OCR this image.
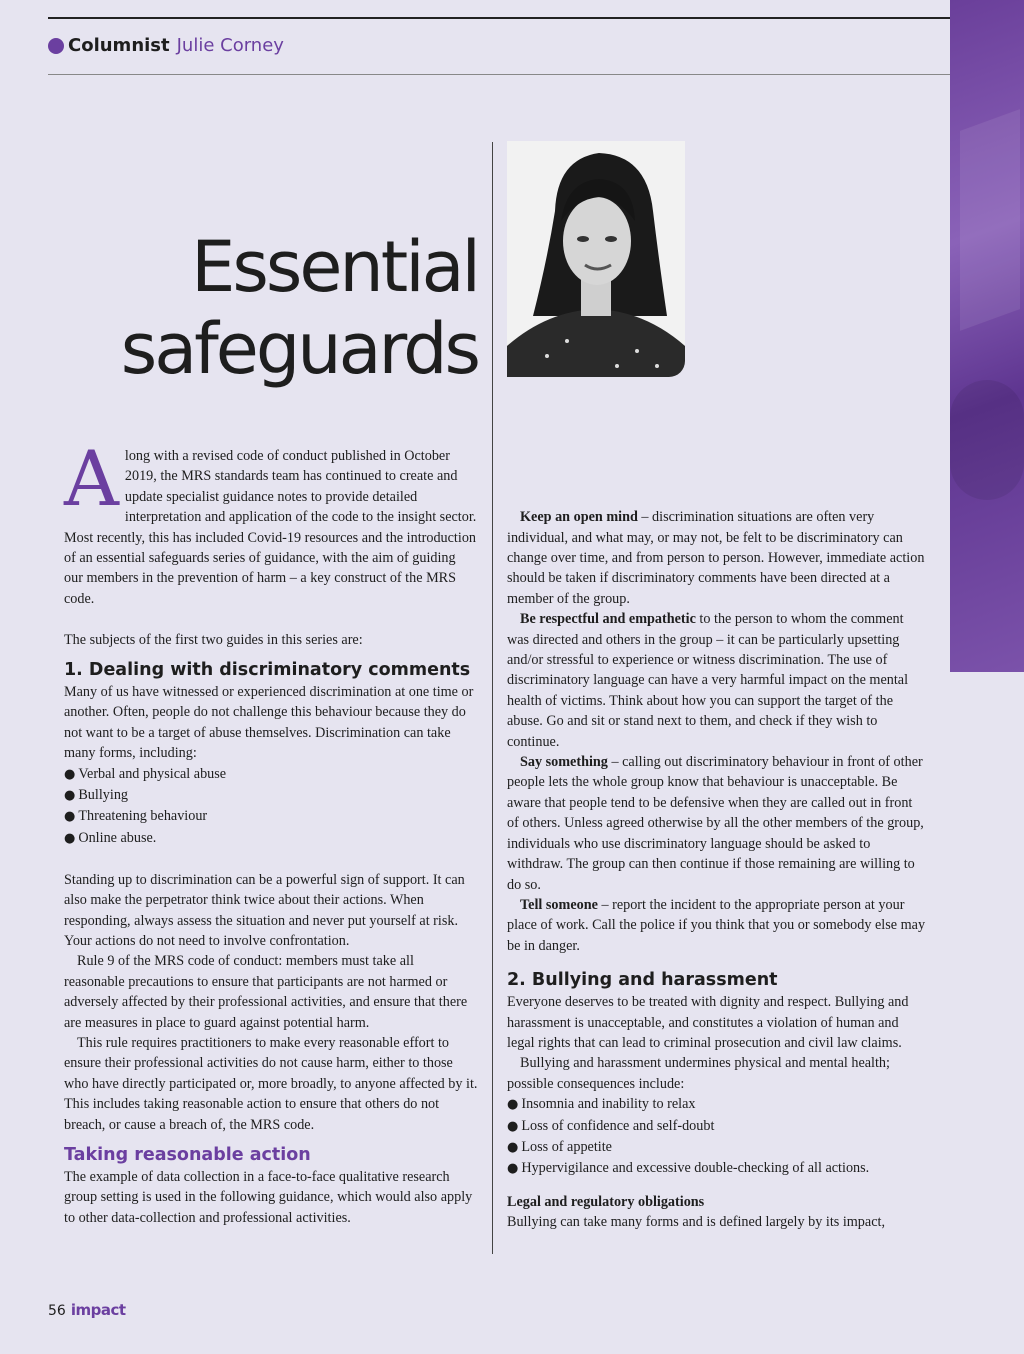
Columnist Julie Corney
Essential
safeguards

Along with a revised code of conduct published in October 2019, the MRS standards team has continued to create and update specialist guidance notes to provide detailed interpretation and application of the code to the insight sector. Most recently, this has included Covid-19 resources and the introduction of an essential safeguards series of guidance, with the aim of guiding our members in the prevention of harm – a key construct of the MRS code.

The subjects of the first two guides in this series are:

1. Dealing with discriminatory comments

Many of us have witnessed or experienced discrimination at one time or another. Often, people do not challenge this behaviour because they do not want to be a target of abuse themselves. Discrimination can take many forms, including:

● Verbal and physical abuse
● Bullying
● Threatening behaviour
● Online abuse.

Standing up to discrimination can be a powerful sign of support. It can also make the perpetrator think twice about their actions. When responding, always assess the situation and never put yourself at risk. Your actions do not need to involve confrontation.

Rule 9 of the MRS code of conduct: members must take all reasonable precautions to ensure that participants are not harmed or adversely affected by their professional activities, and ensure that there are measures in place to guard against potential harm.

This rule requires practitioners to make every reasonable effort to ensure their professional activities do not cause harm, either to those who have directly participated or, more broadly, to anyone affected by it. This includes taking reasonable action to ensure that others do not breach, or cause a breach of, the MRS code.

Taking reasonable action

The example of data collection in a face-to-face qualitative research group setting is used in the following guidance, which would also apply to other data-collection and professional activities.

Keep an open mind – discrimination situations are often very individual, and what may, or may not, be felt to be discriminatory can change over time, and from person to person. However, immediate action should be taken if discriminatory comments have been directed at a member of the group.

Be respectful and empathetic to the person to whom the comment was directed and others in the group – it can be particularly upsetting and/or stressful to experience or witness discrimination. The use of discriminatory language can have a very harmful impact on the mental health of victims. Think about how you can support the target of the abuse. Go and sit or stand next to them, and check if they wish to continue.

Say something – calling out discriminatory behaviour in front of other people lets the whole group know that behaviour is unacceptable. Be aware that people tend to be defensive when they are called out in front of others. Unless agreed otherwise by all the other members of the group, individuals who use discriminatory language should be asked to withdraw. The group can then continue if those remaining are willing to do so.

Tell someone – report the incident to the appropriate person at your place of work. Call the police if you think that you or somebody else may be in danger.

2. Bullying and harassment

Everyone deserves to be treated with dignity and respect. Bullying and harassment is unacceptable, and constitutes a violation of human and legal rights that can lead to criminal prosecution and civil law claims.

Bullying and harassment undermines physical and mental health; possible consequences include:

● Insomnia and inability to relax
● Loss of confidence and self-doubt
● Loss of appetite
● Hypervigilance and excessive double-checking of all actions.
Legal and regulatory obligations

Bullying can take many forms and is defined largely by its impact,

56 impact
